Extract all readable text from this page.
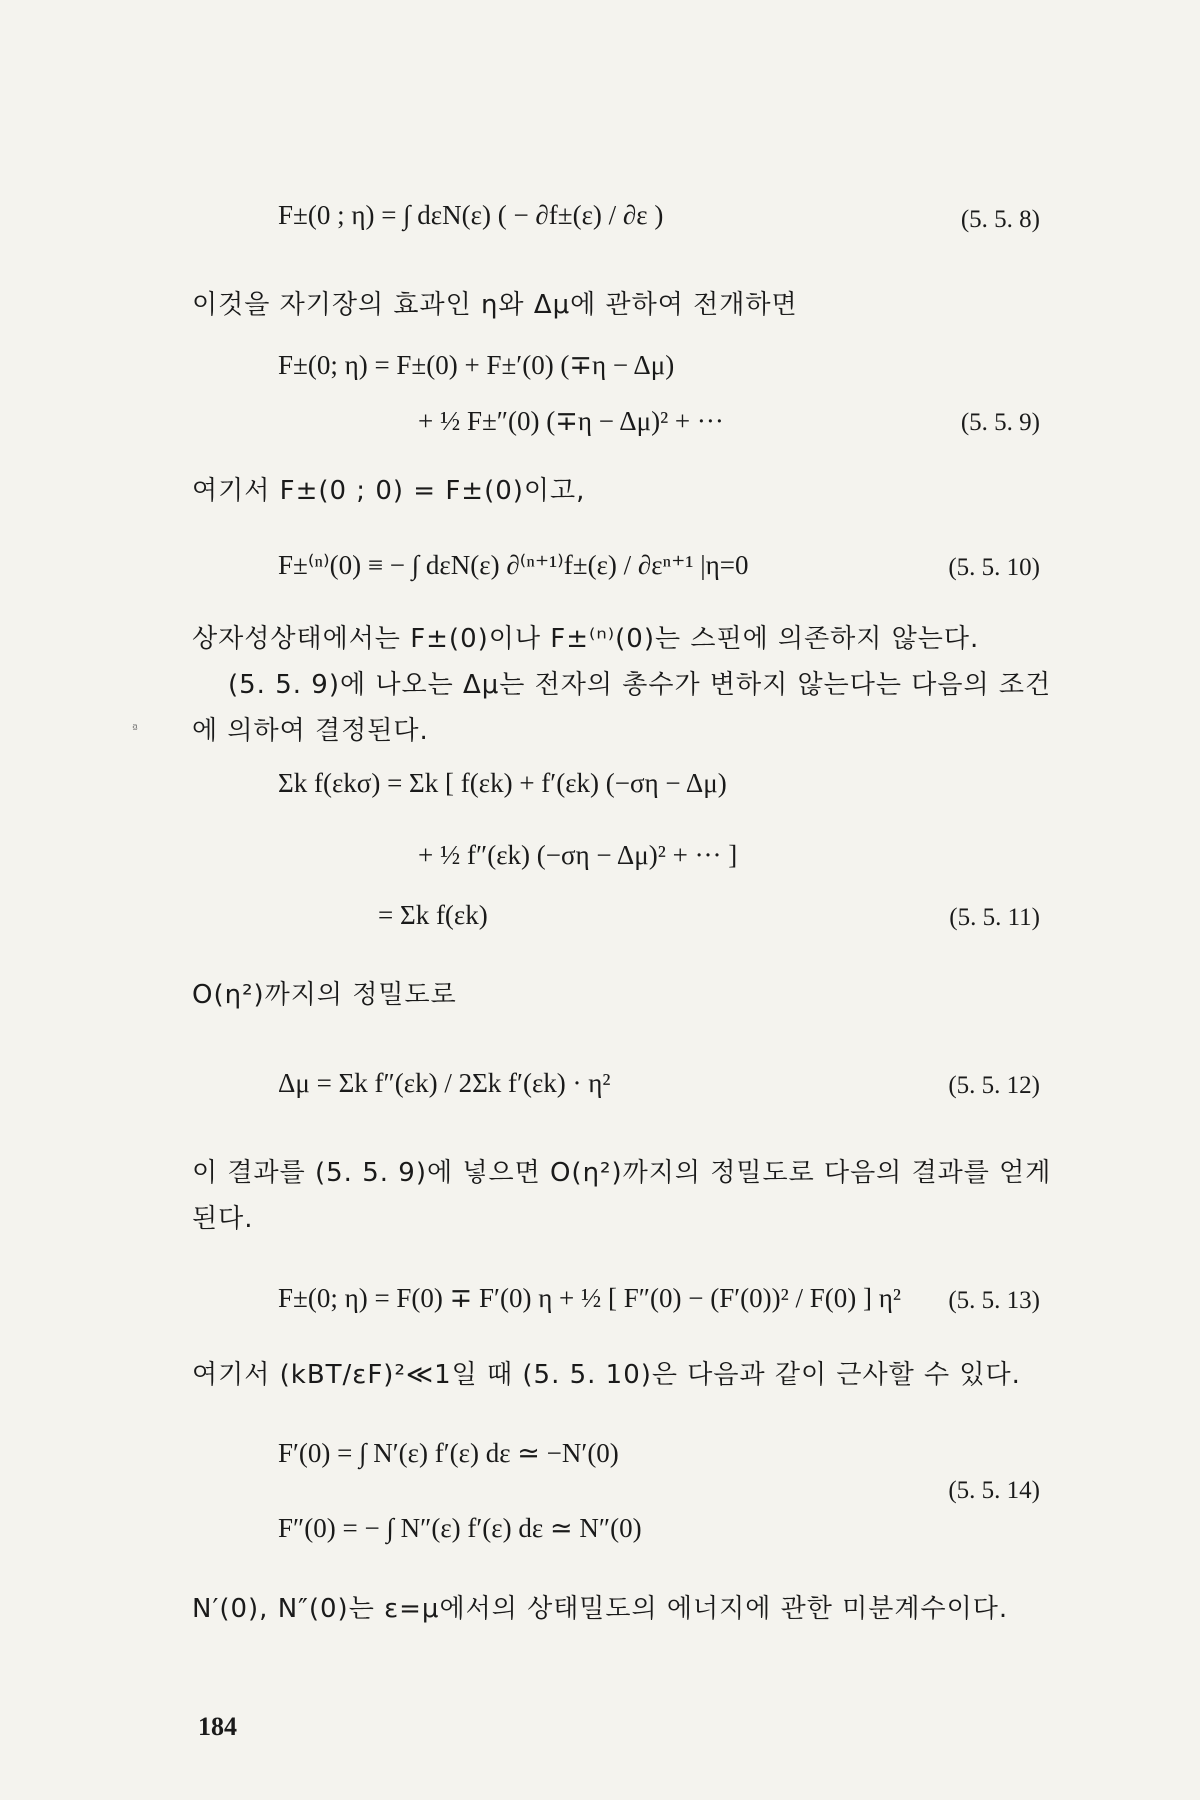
F±(0 ; η) = ∫ dεN(ε) ( − ∂f±(ε) / ∂ε )	(5. 5. 8)
이것을 자기장의 효과인 η와 Δμ에 관하여 전개하면
F±(0; η) = F±(0) + F±′(0) (∓η − Δμ)
+ ½ F±″(0) (∓η − Δμ)² + ···	(5. 5. 9)
여기서 F±(0 ; 0) = F±(0)이고,
F±⁽ⁿ⁾(0) ≡ − ∫ dεN(ε) ∂⁽ⁿ⁺¹⁾f±(ε) / ∂εⁿ⁺¹ |η=0	(5. 5. 10)
상자성상태에서는 F±(0)이나 F±⁽ⁿ⁾(0)는 스핀에 의존하지 않는다.
(5. 5. 9)에 나오는 Δμ는 전자의 총수가 변하지 않는다는 다음의 조건
에 의하여 결정된다.
ª
Σk f(εkσ) = Σk [ f(εk) + f′(εk) (−ση − Δμ)
+ ½ f″(εk) (−ση − Δμ)² + ··· ]
= Σk f(εk)	(5. 5. 11)
O(η²)까지의 정밀도로
Δμ = Σk f″(εk) / 2Σk f′(εk) · η²	(5. 5. 12)
이 결과를 (5. 5. 9)에 넣으면 O(η²)까지의 정밀도로 다음의 결과를 얻게
된다.
F±(0; η) = F(0) ∓ F′(0) η + ½ [ F″(0) − (F′(0))² / F(0) ] η² (5. 5. 13)
여기서 (kBT/εF)²≪1일 때 (5. 5. 10)은 다음과 같이 근사할 수 있다.
F′(0) = ∫ N′(ε) f′(ε) dε ≃ −N′(0)
F″(0) = − ∫ N″(ε) f′(ε) dε ≃ N″(0)
(5. 5. 14)
N′(0), N″(0)는 ε=μ에서의 상태밀도의 에너지에 관한 미분계수이다.
184
